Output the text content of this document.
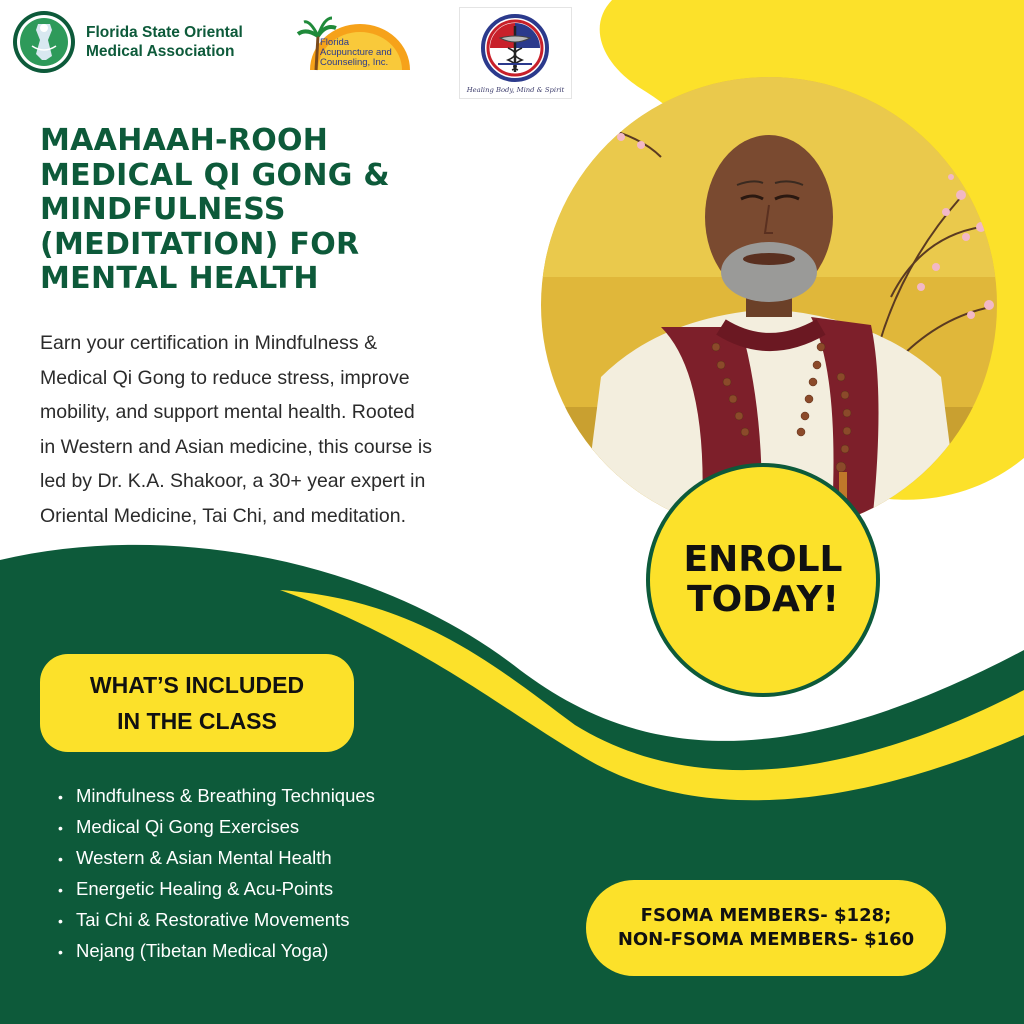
Florida State Oriental
Medical Association
Florida
Acupuncture and
Counseling, Inc.
Healing Body, Mind & Spirit
MAAHAAH-ROOH
MEDICAL QI GONG &
MINDFULNESS
(MEDITATION) FOR
MENTAL HEALTH
Earn your certification in Mindfulness &
Medical Qi Gong to reduce stress, improve
mobility, and support mental health. Rooted
in Western and Asian medicine, this course is
led by Dr. K.A. Shakoor, a 30+ year expert in
Oriental Medicine, Tai Chi, and meditation.
ENROLL
TODAY!
WHAT’S INCLUDED
IN THE CLASS
• Mindfulness & Breathing Techniques
• Medical Qi Gong Exercises
• Western & Asian Mental Health
• Energetic Healing & Acu-Points
• Tai Chi & Restorative Movements
• Nejang (Tibetan Medical Yoga)
FSOMA MEMBERS- $128;
NON-FSOMA MEMBERS- $160
